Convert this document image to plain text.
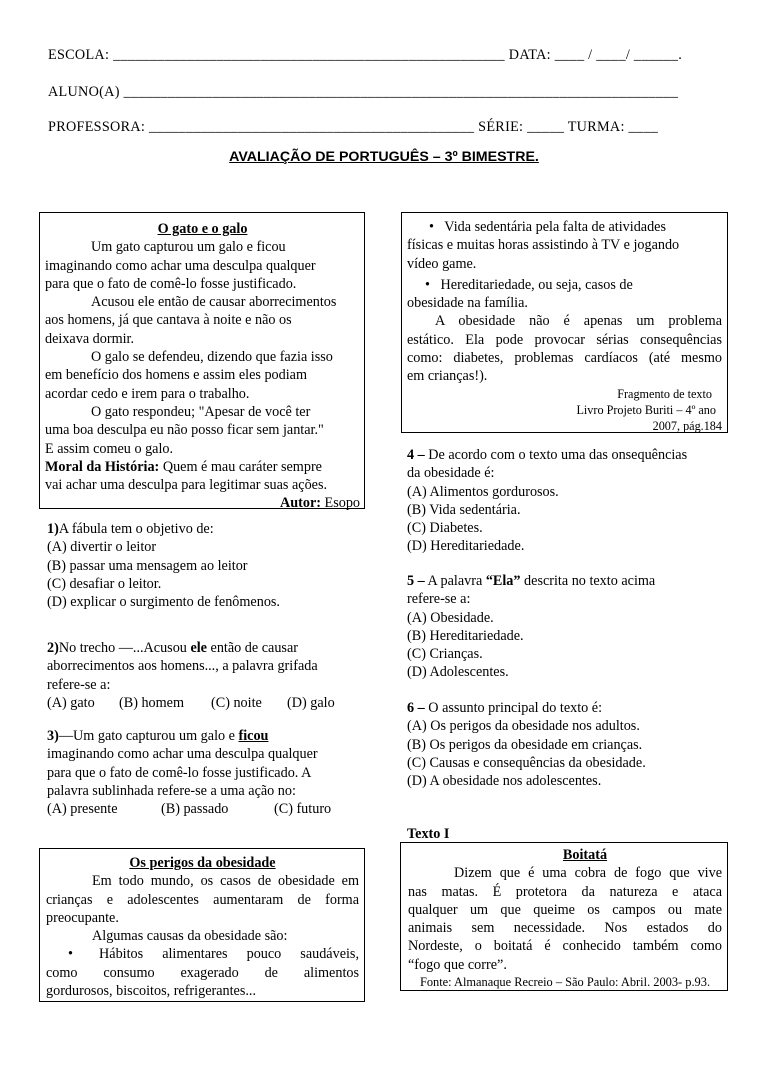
ESCOLA: _____________________________________________________ DATA: ____ / ____/ ______.
ALUNO(A) ___________________________________________________________________________
PROFESSORA: ____________________________________________ SÉRIE: _____ TURMA: ____
AVALIAÇÃO DE PORTUGUÊS – 3º BIMESTRE.
O gato e o galo
Um gato capturou um galo e ficou
imaginando como achar uma desculpa qualquer
para que o fato de comê-lo fosse justificado.
Acusou ele então de causar aborrecimentos
aos homens, já que cantava à noite e não os
deixava dormir.
O galo se defendeu, dizendo que fazia isso
em benefício dos homens e assim eles podiam
acordar cedo e irem para o trabalho.
O gato respondeu; "Apesar de você ter
uma boa desculpa eu não posso ficar sem jantar."
E assim comeu o galo.
Moral da História: Quem é mau caráter sempre
vai achar uma desculpa para legitimar suas ações.
Autor: Esopo
1)A fábula tem o objetivo de:
(A) divertir o leitor
(B) passar uma mensagem ao leitor
(C) desafiar o leitor.
(D) explicar o surgimento de fenômenos.
2)No trecho ―...Acusou ele então de causar
aborrecimentos aos homens..., a palavra grifada
refere-se a:
(A) gato (B) homem (C) noite (D) galo
3)―Um gato capturou um galo e ficou
imaginando como achar uma desculpa qualquer
para que o fato de comê-lo fosse justificado. A
palavra sublinhada refere-se a uma ação no:
(A) presente	(B) passado	(C) futuro
Os perigos da obesidade
Em todo mundo, os casos de obesidade em
crianças e adolescentes aumentaram de forma
preocupante.
Algumas causas da obesidade são:
• Hábitos alimentares pouco saudáveis,
como consumo exagerado de alimentos
gordurosos, biscoitos, refrigerantes...
• Vida sedentária pela falta de atividades
físicas e muitas horas assistindo à TV e jogando
vídeo game.
• Hereditariedade, ou seja, casos de
obesidade na família.
A obesidade não é apenas um problema
estático. Ela pode provocar sérias consequências
como: diabetes, problemas cardíacos (até mesmo
em crianças!).
Fragmento de texto
Livro Projeto Buriti – 4º ano
2007, pág.184
4 – De acordo com o texto uma das onsequências
da obesidade é:
(A) Alimentos gordurosos.
(B) Vida sedentária.
(C) Diabetes.
(D) Hereditariedade.
5 – A palavra “Ela” descrita no texto acima
refere-se a:
(A) Obesidade.
(B) Hereditariedade.
(C) Crianças.
(D) Adolescentes.
6 – O assunto principal do texto é:
(A) Os perigos da obesidade nos adultos.
(B) Os perigos da obesidade em crianças.
(C) Causas e consequências da obesidade.
(D) A obesidade nos adolescentes.
Texto I
Boitatá
Dizem que é uma cobra de fogo que vive
nas matas. É protetora da natureza e ataca
qualquer um que queime os campos ou mate
animais sem necessidade. Nos estados do
Nordeste, o boitatá é conhecido também como
“fogo que corre”.
Fonte: Almanaque Recreio – São Paulo: Abril. 2003- p.93.
